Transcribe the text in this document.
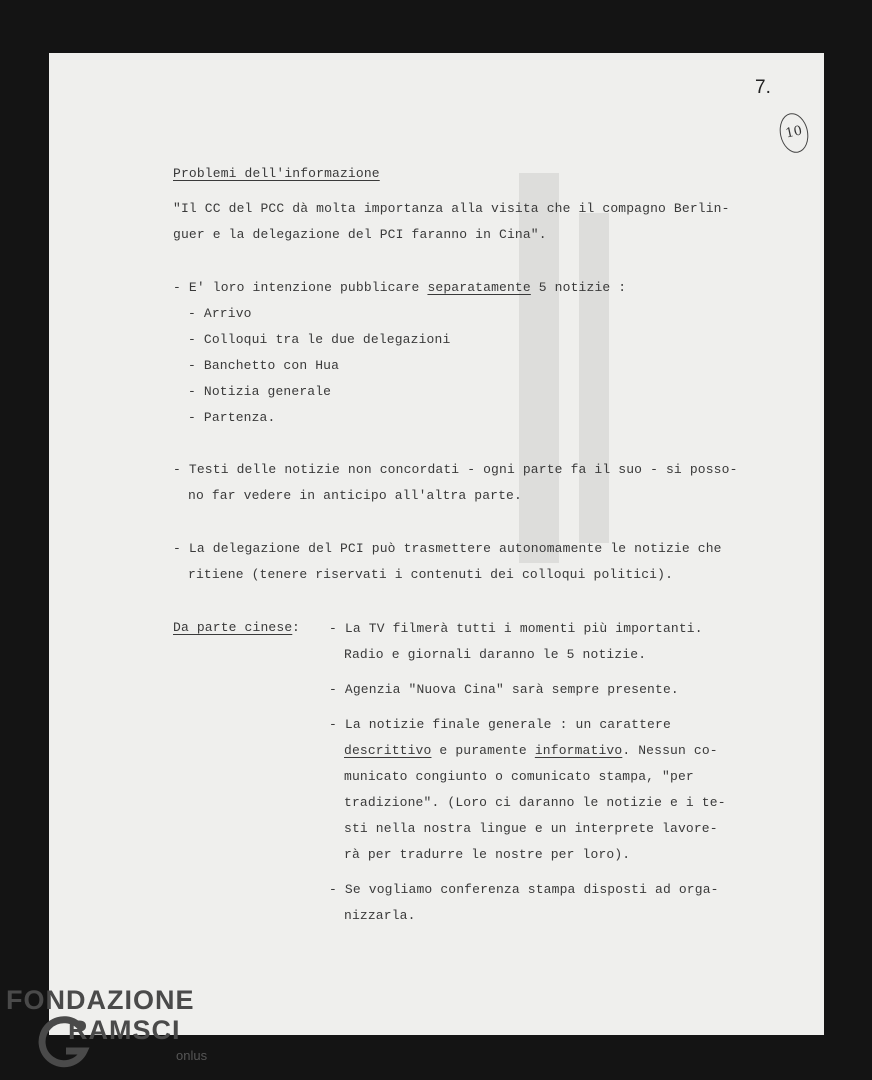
7.
10
Problemi dell'informazione
"Il CC del PCC dà molta importanza alla visita che il compagno Berlin-
guer e la delegazione del PCI faranno in Cina".
- E' loro intenzione pubblicare separatamente 5 notizie :
- Arrivo
- Colloqui tra le due delegazioni
- Banchetto con Hua
- Notizia generale
- Partenza.
- Testi delle notizie non concordati - ogni parte fa il suo - si posso-
no far vedere in anticipo all'altra parte.
- La delegazione del PCI può trasmettere autonomamente le notizie che
ritiene (tenere riservati i contenuti dei colloqui politici).
Da parte cinese : - La TV filmerà tutti i momenti più importanti.
Radio e giornali daranno le 5 notizie.
- Agenzia "Nuova Cina" sarà sempre presente.
- La notizie finale generale : un carattere
descrittivo e puramente informativo. Nessun co-
municato congiunto o comunicato stampa, "per
tradizione". (Loro ci daranno le notizie e i te-
sti nella nostra lingue e un interprete lavore-
rà per tradurre le nostre per loro).
- Se vogliamo conferenza stampa disposti ad orga-
nizzarla.
FONDAZIONE
RAMSCI
onlus
